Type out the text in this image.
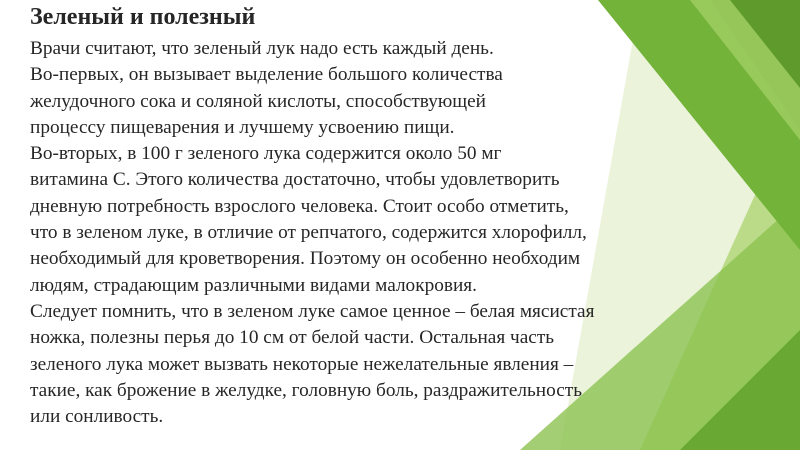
Зеленый и полезный
Врачи считают, что зеленый лук надо есть каждый день.
Во-первых, он вызывает выделение большого количества
желудочного сока и соляной кислоты, способствующей
процессу пищеварения и лучшему усвоению пищи.
Во-вторых, в 100 г зеленого лука содержится около 50 мг
витамина С. Этого количества достаточно, чтобы удовлетворить
дневную потребность взрослого человека. Стоит особо отметить,
что в зеленом луке, в отличие от репчатого, содержится хлорофилл,
необходимый для кроветворения. Поэтому он особенно необходим
людям, страдающим различными видами малокровия.
Следует помнить, что в зеленом луке самое ценное – белая мясистая
ножка, полезны перья до 10 см от белой части. Остальная часть
зеленого лука может вызвать некоторые нежелательные явления –
такие, как брожение в желудке, головную боль, раздражительность
или сонливость.
